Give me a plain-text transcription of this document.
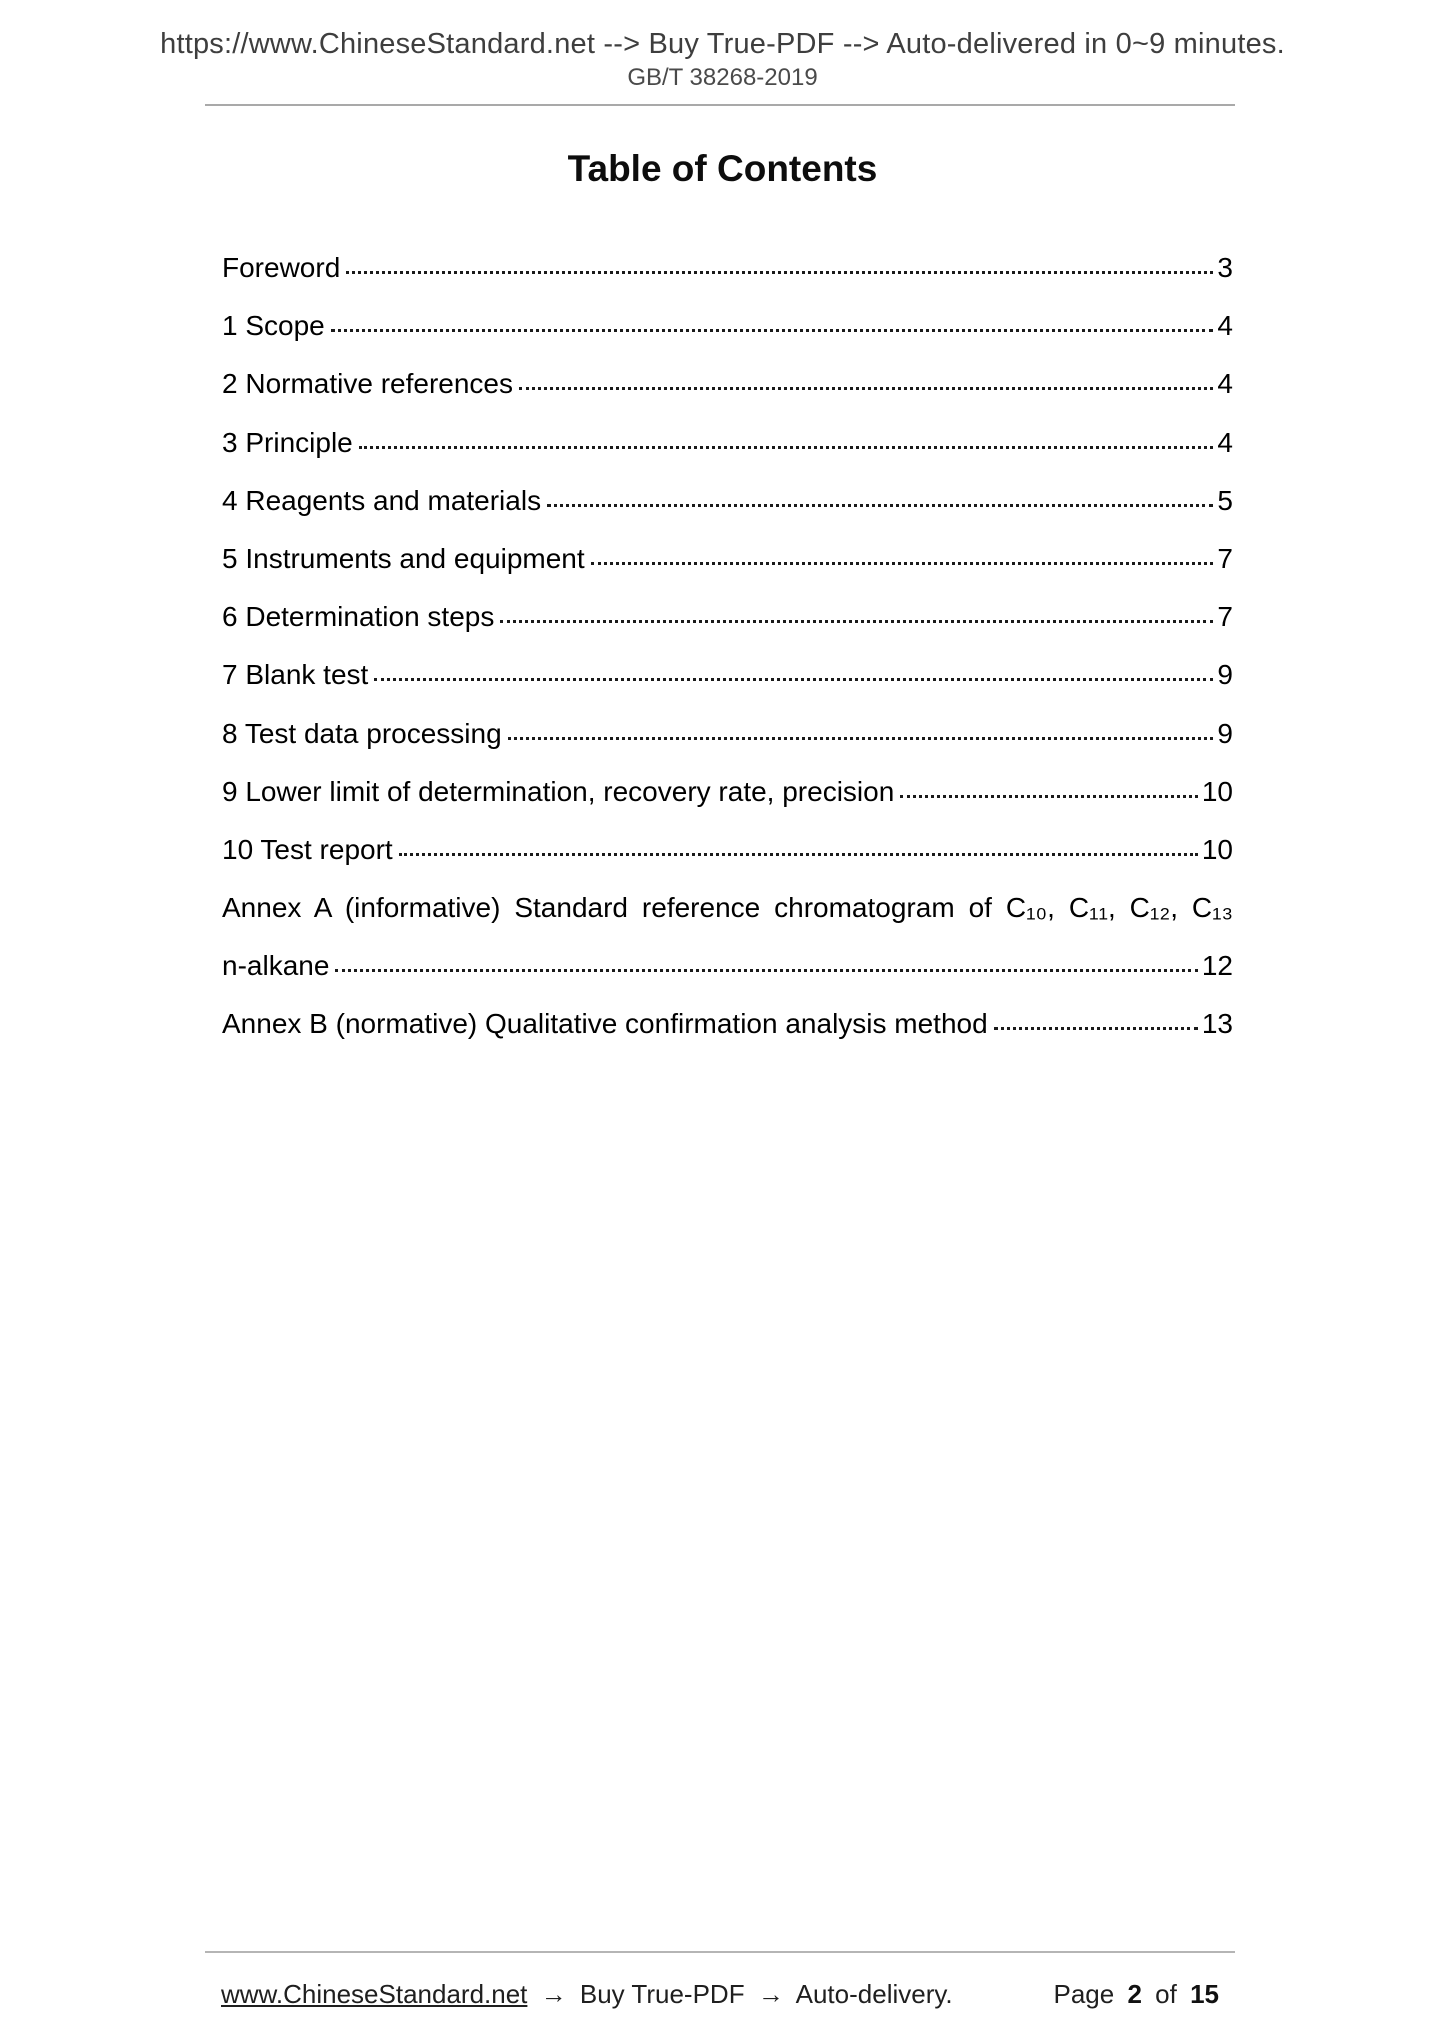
https://www.ChineseStandard.net --> Buy True-PDF --> Auto-delivered in 0~9 minutes.
GB/T 38268-2019
Table of Contents
Foreword	3
1 Scope	4
2 Normative references	4
3 Principle	4
4 Reagents and materials	5
5 Instruments and equipment	7
6 Determination steps	7
7 Blank test	9
8 Test data processing	9
9 Lower limit of determination, recovery rate, precision	10
10 Test report	10
Annex A (informative) Standard reference chromatogram of C₁₀, C₁₁, C₁₂, C₁₃
n-alkane	12
Annex B (normative) Qualitative confirmation analysis method	13
www.ChineseStandard.net → Buy True-PDF → Auto-delivery.	Page 2 of 15
